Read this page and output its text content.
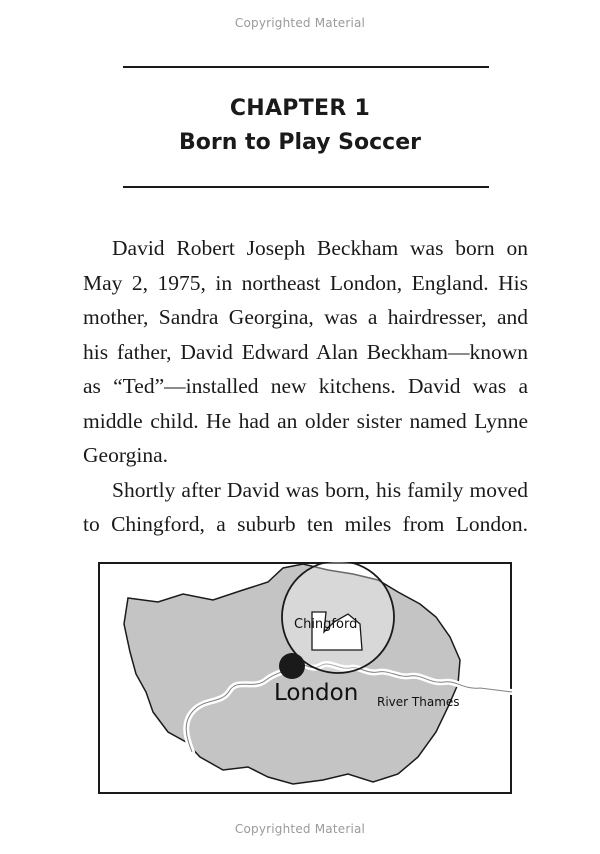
Copyrighted Material
CHAPTER 1
Born to Play Soccer

David Robert Joseph Beckham was born on May 2, 1975, in northeast London, England. His mother, Sandra Georgina, was a hairdresser, and his father, David Edward Alan Beckham—known as “Ted”—installed new kitchens. David was a middle child. He had an older sister named Lynne Georgina.

Shortly after David was born, his family moved to Chingford, a suburb ten miles from London.

Chingford
London River Thames
Copyrighted Material
